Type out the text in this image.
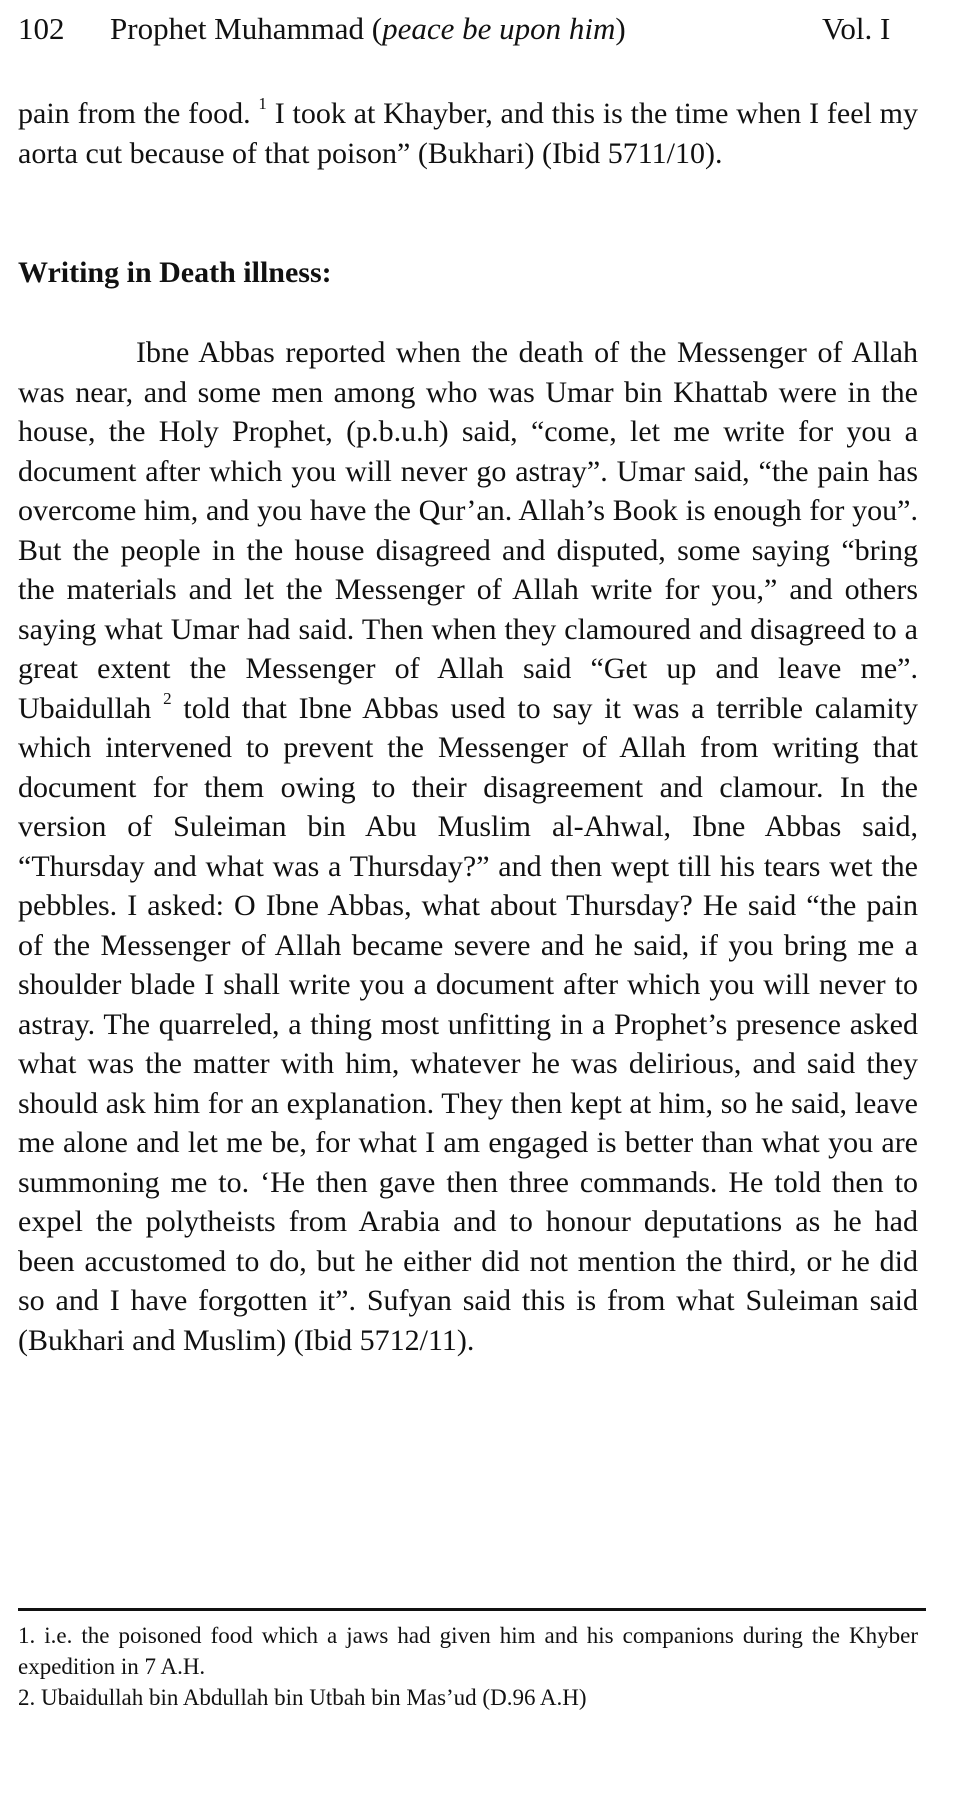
102 Prophet Muhammad (peace be upon him)	Vol. I

pain from the food. $^1$ I took at Khayber, and this is the time when I feel my aorta cut because of that poison” (Bukhari) (Ibid 5711/10).

Writing in Death illness:

Ibne Abbas reported when the death of the Messenger of Allah was near, and some men among who was Umar bin Khattab were in the house, the Holy Prophet, (p.b.u.h) said, “come, let me write for you a document after which you will never go astray”. Umar said, “the pain has overcome him, and you have the Qur’an. Allah’s Book is enough for you”. But the people in the house disagreed and disputed, some saying “bring the materials and let the Messenger of Allah write for you,” and others saying what Umar had said. Then when they clamoured and disagreed to a great extent the Messenger of Allah said “Get up and leave me”. Ubaidullah $^2$ told that Ibne Abbas used to say it was a terrible calamity which intervened to prevent the Messenger of Allah from writing that document for them owing to their disagreement and clamour. In the version of Suleiman bin Abu Muslim al-Ahwal, Ibne Abbas said, “Thursday and what was a Thursday?” and then wept till his tears wet the pebbles. I asked: O Ibne Abbas, what about Thursday? He said “the pain of the Messenger of Allah became severe and he said, if you bring me a shoulder blade I shall write you a document after which you will never to astray. The quarreled, a thing most unfitting in a Prophet’s presence asked what was the matter with him, whatever he was delirious, and said they should ask him for an explanation. They then kept at him, so he said, leave me alone and let me be, for what I am engaged is better than what you are summoning me to. ‘He then gave then three commands. He told then to expel the polytheists from Arabia and to honour deputations as he had been accustomed to do, but he either did not mention the third, or he did so and I have forgotten it”. Sufyan said this is from what Suleiman said (Bukhari and Muslim) (Ibid 5712/11).

1. i.e. the poisoned food which a jaws had given him and his companions during the Khyber expedition in 7 A.H.

2. Ubaidullah bin Abdullah bin Utbah bin Mas’ud (D.96 A.H)
